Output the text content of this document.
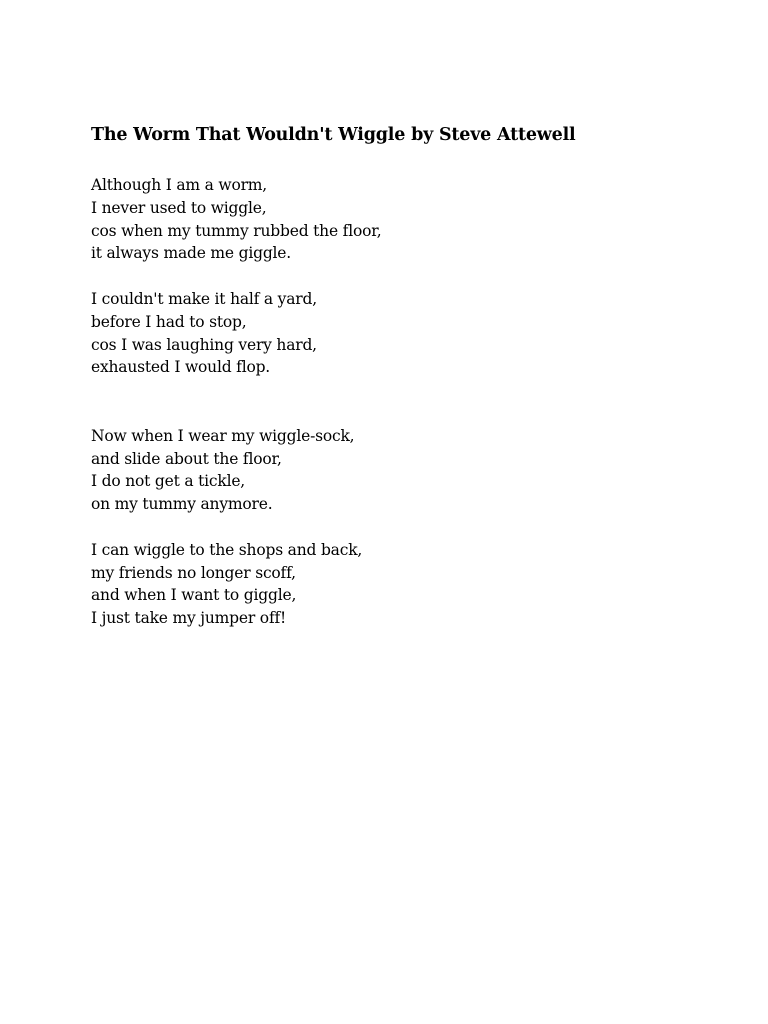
The Worm That Wouldn't Wiggle by Steve Attewell
Although I am a worm,
I never used to wiggle,
cos when my tummy rubbed the floor,
it always made me giggle.
I couldn't make it half a yard,
before I had to stop,
cos I was laughing very hard,
exhausted I would flop.
Now when I wear my wiggle-sock,
and slide about the floor,
I do not get a tickle,
on my tummy anymore.
I can wiggle to the shops and back,
my friends no longer scoff,
and when I want to giggle,
I just take my jumper off!
